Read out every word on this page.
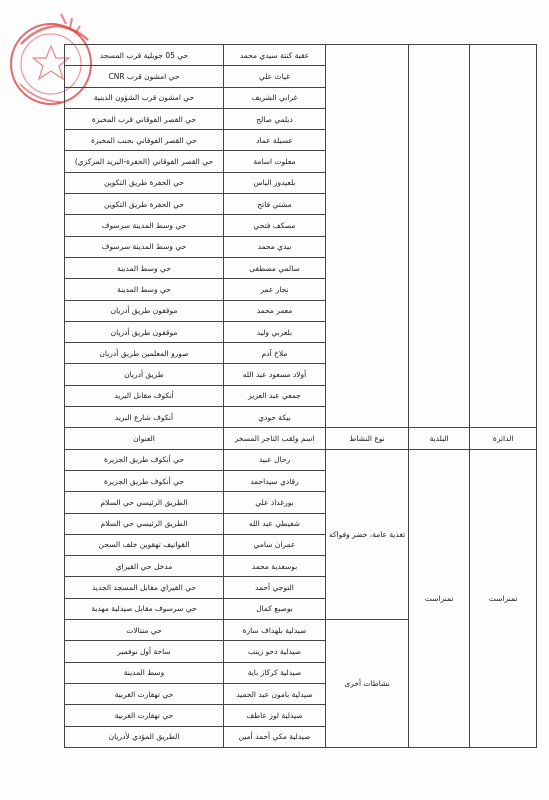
حي 05 جويلية قرب المسجد	عقبة كنتة سيدي محمد			
حي امشون قرب CNR	غياث علي			
حي امشون قرب الشؤون الدينية	غرابي الشريف			
حي القصر الفوقاني قرب المخبزة	ديلمي صالح			
حي القصر الفوقاني بجنب المخبزة	عسيلة عماد			
حي القصر الفوقاني (الحفرة-البريد المركزي)	معلوت اسامة			
حي الحفرة طريق التكوين	بلعيدوز الياس			
حي الحفرة طريق التكوين	مشتي فاتح			
حي وسط المدينة سرسوف	مسكف فتحي			
حي وسط المدينة سرسوف	بيدي محمد			
حي وسط المدينة	سالمي مصطفى			
حي وسط المدينة	نجار عمر			
موقفون طريق أدريان	معمر محمد			
موقفون طريق أدريان	بلعربي وليد			
صورو المعلمين طريق أدريان	ملاخ آدم			
طريق أدريان	أولاد مسعود عبد الله			
أنكوف مقابل البريد	جمعي عبد العزيز			
أنكوف شارع البريد	بيكة حودي			
العنوان	اسم ولقب التاجر المسخر	نوع النشاط	البلدية	الدائرة
حي أنكوف طريق الجزيرة	رحال عبيد	تغذية عامة، خضر وفواكه	تمنراست	تمنراست
حي أنكوف طريق الجزيرة	رقادي سيداحمد			
الطريق الرئيسي حي السلام	بورغداد علي			
الطريق الرئيسي حي السلام	شفيطي عبد الله			
القوانيف تهقوين خلف السجن	عمران سامي			
مدخل حي القيراي	بوسعدية محمد			
حي القيراي مقابل المسجد الجديد	التوجي أحمد			
حي سرسوف مقابل صيدلية مهدية	بوصبع كمال			
حي منتالات	صيدلية بلهداف سارة	نشاطات أخرى		
ساحة أول نوفمبر	صيدلية دحو زينب			
وسط المدينة	صيدلية كركاز باية			
حي تهقارت الغربية	صيدلية بامون عبد الحميد			
حي تهقارت الغربية	صيدلية لوز عاطف			
الطريق المؤدي لأدريان	صيدلية مكي أحمد أمين			
